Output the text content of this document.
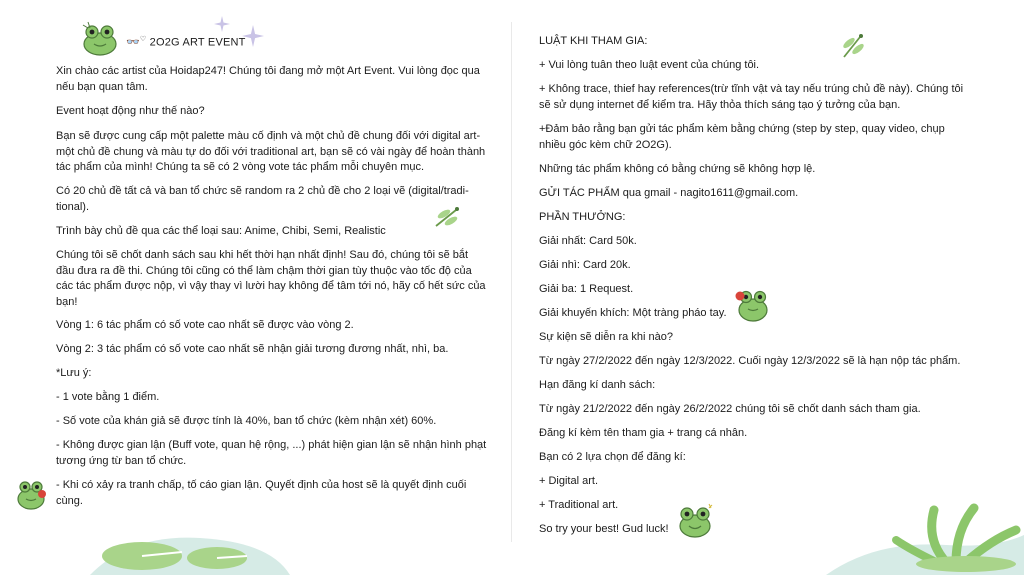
👓♡ 2O2G ART EVENT

Xin chào các artist của Hoidap247! Chúng tôi đang mở một Art Event. Vui lòng đọc qua
nếu bạn quan tâm.

Event hoạt động như thế nào?

Bạn sẽ được cung cấp một palette màu cố định và một chủ đề chung đối với digital art-
một chủ đề chung và màu tự do đối với traditional art, bạn sẽ có vài ngày để hoàn thành
tác phẩm của mình! Chúng ta sẽ có 2 vòng vote tác phẩm mỗi chuyên mục.

Có 20 chủ đề tất cả và ban tổ chức sẽ random ra 2 chủ đề cho 2 loại vẽ (digital/tradi-
tional).

Trình bày chủ đề qua các thể loại sau: Anime, Chibi, Semi, Realistic

Chúng tôi sẽ chốt danh sách sau khi hết thời hạn nhất định! Sau đó, chúng tôi sẽ bắt
đầu đưa ra đề thi. Chúng tôi cũng có thể làm chậm thời gian tùy thuộc vào tốc độ của
các tác phẩm được nộp, vì vậy thay vì lười hay không để tâm tới nó, hãy cố hết sức của
bạn!

Vòng 1: 6 tác phẩm có số vote cao nhất sẽ được vào vòng 2.

Vòng 2: 3 tác phẩm có số vote cao nhất sẽ nhận giải tương đương nhất, nhì, ba.

*Lưu ý:

- 1 vote bằng 1 điểm.

- Số vote của khán giả sẽ được tính là 40%, ban tổ chức (kèm nhận xét) 60%.

- Không được gian lận (Buff vote, quan hệ rộng, ...) phát hiện gian lận sẽ nhận hình phạt
tương ứng từ ban tổ chức.

- Khi có xảy ra tranh chấp, tố cáo gian lận. Quyết định của host sẽ là quyết định cuối
cùng.

LUẬT KHI THAM GIA:

+ Vui lòng tuân theo luật event của chúng tôi.

+ Không trace, thief hay references(trừ tĩnh vật và tay nếu trúng chủ đề này). Chúng tôi
sẽ sử dụng internet để kiểm tra. Hãy thỏa thích sáng tạo ý tưởng của bạn.

+Đảm bảo rằng bạn gửi tác phẩm kèm bằng chứng (step by step, quay video, chụp
nhiều góc kèm chữ 2O2G).

Những tác phẩm không có bằng chứng sẽ không hợp lệ.

GỬI TÁC PHẨM qua gmail - nagito1611@gmail.com.

PHẦN THƯỞNG:

Giải nhất: Card 50k.

Giải nhì: Card 20k.

Giải ba: 1 Request.

Giải khuyến khích: Một tràng pháo tay.

Sự kiện sẽ diễn ra khi nào?

Từ ngày 27/2/2022 đến ngày 12/3/2022. Cuối ngày 12/3/2022 sẽ là hạn nộp tác phẩm.

Hạn đăng kí danh sách:

Từ ngày 21/2/2022 đến ngày 26/2/2022 chúng tôi sẽ chốt danh sách tham gia.

Đăng kí kèm tên tham gia + trang cá nhân.

Bạn có 2 lựa chọn để đăng kí:

+ Digital art.

+ Traditional art.

So try your best! Gud luck!
